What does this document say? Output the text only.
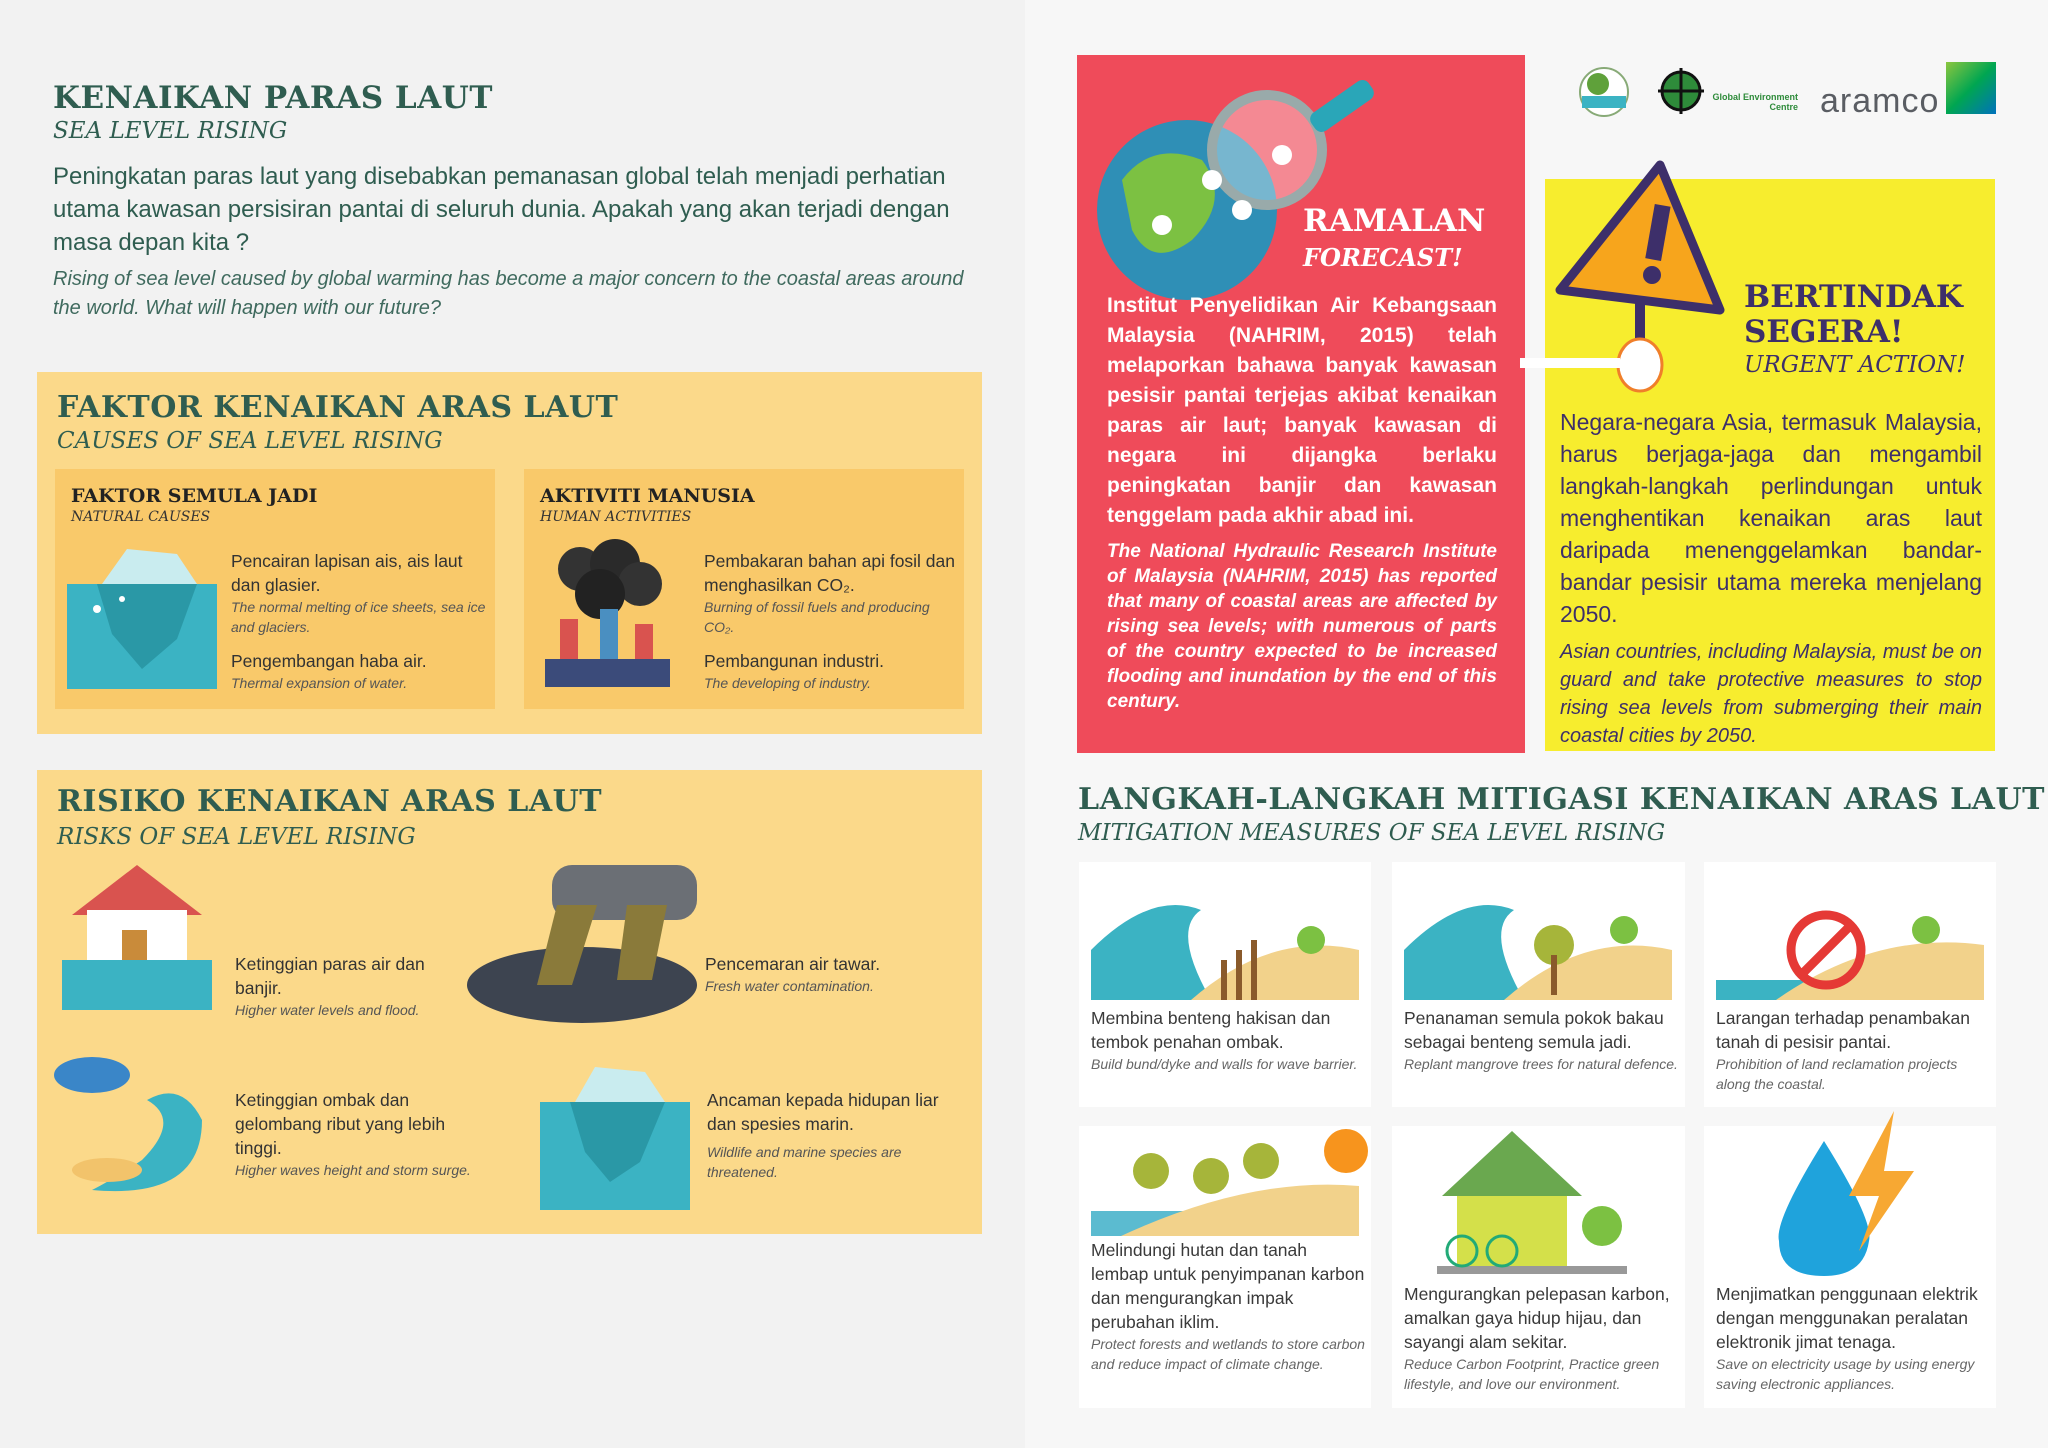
KENAIKAN PARAS LAUT
SEA LEVEL RISING
Peningkatan paras laut yang disebabkan pemanasan global telah menjadi perhatian utama kawasan persisiran pantai di seluruh dunia. Apakah yang akan terjadi dengan masa depan kita ?
Rising of sea level caused by global warming has become a major concern to the coastal areas around the world. What will happen with our future?
FAKTOR KENAIKAN ARAS LAUT
CAUSES OF SEA LEVEL RISING
FAKTOR SEMULA JADI
NATURAL CAUSES
Pencairan lapisan ais, ais laut dan glasier.
The normal melting of ice sheets, sea ice and glaciers.
Pengembangan haba air.
Thermal expansion of water.
AKTIVITI MANUSIA
HUMAN ACTIVITIES
Pembakaran bahan api fosil dan menghasilkan CO₂.
Burning of fossil fuels and producing CO₂.
Pembangunan industri.
The developing of industry.
RISIKO KENAIKAN ARAS LAUT
RISKS OF SEA LEVEL RISING
Ketinggian paras air dan banjir.
Higher water levels and flood.
Pencemaran air tawar.
Fresh water contamination.
Ketinggian ombak dan gelombang ribut yang lebih tinggi.
Higher waves height and storm surge.
Ancaman kepada hidupan liar dan spesies marin.
Wildlife and marine species are threatened.
RAMALAN
FORECAST!
Institut Penyelidikan Air Kebangsaan Malaysia (NAHRIM, 2015) telah melaporkan bahawa banyak kawasan pesisir pantai terjejas akibat kenaikan paras air laut; banyak kawasan di negara ini dijangka berlaku peningkatan banjir dan kawasan tenggelam pada akhir abad ini.
The National Hydraulic Research Institute of Malaysia (NAHRIM, 2015) has reported that many of coastal areas are affected by rising sea levels; with numerous of parts of the country expected to be increased flooding and inundation by the end of this century.
Global Environment Centre aramco
BERTINDAK SEGERA!
URGENT ACTION!
Negara-negara Asia, termasuk Malaysia, harus berjaga-jaga dan mengambil langkah-langkah perlindungan untuk menghentikan kenaikan aras laut daripada menenggelamkan bandar-bandar pesisir utama mereka menjelang 2050.
Asian countries, including Malaysia, must be on guard and take protective measures to stop rising sea levels from submerging their main coastal cities by 2050.
LANGKAH-LANGKAH MITIGASI KENAIKAN ARAS LAUT
MITIGATION MEASURES OF SEA LEVEL RISING
Membina benteng hakisan dan tembok penahan ombak.
Build bund/dyke and walls for wave barrier.
Penanaman semula pokok bakau sebagai benteng semula jadi.
Replant mangrove trees for natural defence.
Larangan terhadap penambakan tanah di pesisir pantai.
Prohibition of land reclamation projects along the coastal.
Melindungi hutan dan tanah lembap untuk penyimpanan karbon dan mengurangkan impak perubahan iklim.
Protect forests and wetlands to store carbon and reduce impact of climate change.
Mengurangkan pelepasan karbon, amalkan gaya hidup hijau, dan sayangi alam sekitar.
Reduce Carbon Footprint, Practice green lifestyle, and love our environment.
Menjimatkan penggunaan elektrik dengan menggunakan peralatan elektronik jimat tenaga.
Save on electricity usage by using energy saving electronic appliances.
